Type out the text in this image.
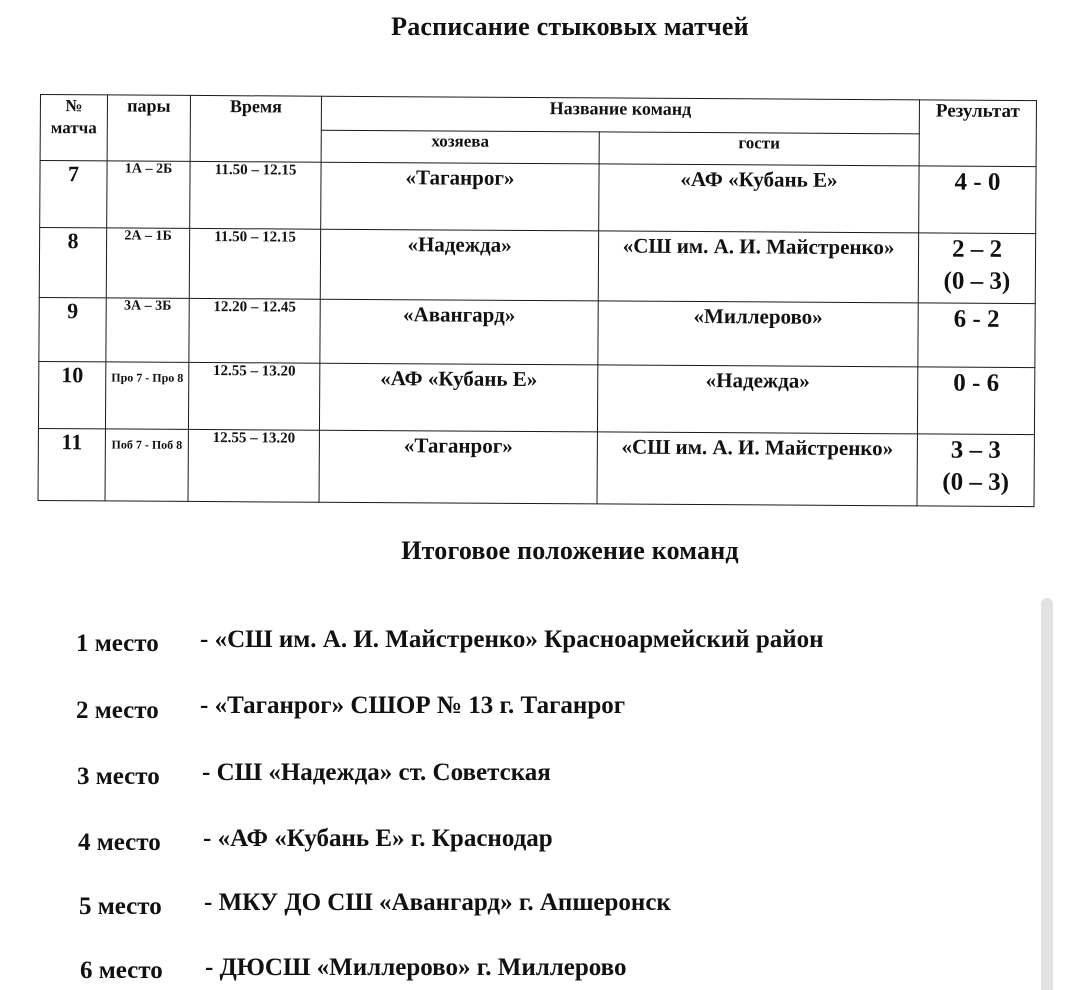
Расписание стыковых матчей
№ матча	пары	Время	Название команд		Результат
			хозяева	гости	
7	1А – 2Б	11.50 – 12.15	«Таганрог»	«АФ «Кубань Е»	4 - 0
8	2А – 1Б	11.50 – 12.15	«Надежда»	«СШ им. А. И. Майстренко»	2 – 2
(0 – 3)

9	3А – 3Б	12.20 – 12.45	«Авангард»	«Миллерово»	6 - 2
10	Про 7 - Про 8	12.55 – 13.20	«АФ «Кубань Е»	«Надежда»	0 - 6
11	Поб 7 - Поб 8	12.55 – 13.20	«Таганрог»	«СШ им. А. И. Майстренко»	3 – 3
(0 – 3)
Итоговое положение команд
1 место - «СШ им. А. И. Майстренко» Красноармейский район
2 место - «Таганрог» СШОР № 13 г. Таганрог
3 место - СШ «Надежда» ст. Советская
4 место - «АФ «Кубань Е» г. Краснодар
5 место - МКУ ДО СШ «Авангард» г. Апшеронск
6 место - ДЮСШ «Миллерово» г. Миллерово
